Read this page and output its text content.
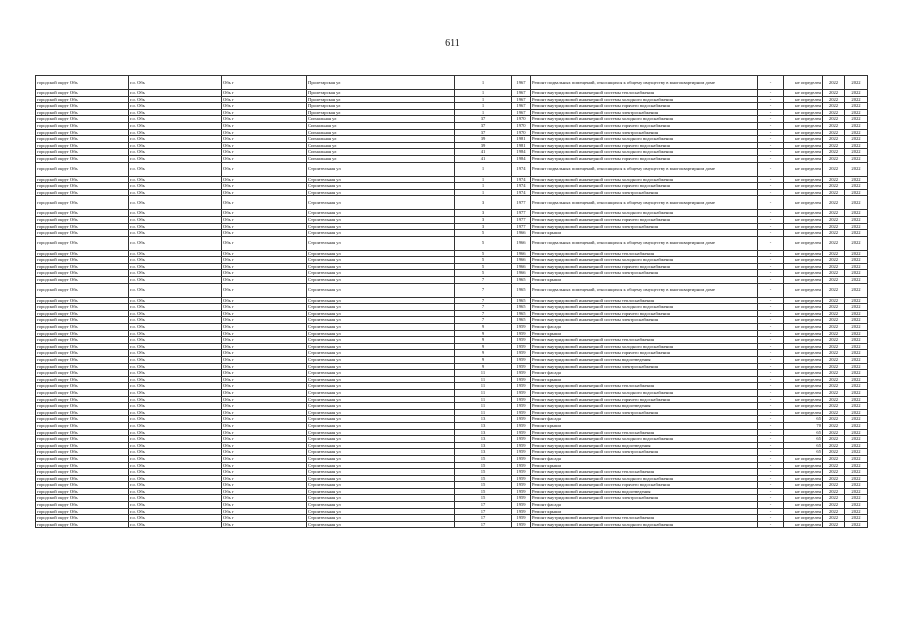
611
городской округ Обь	г.о. Обь	Обь г	Пролетарская ул	1	1967	Ремонт подвальных помещений, относящихся к общему имуществу в многоквартирном доме	-	не определен	2022	2022
городской округ Обь	г.о. Обь	Обь г	Пролетарская ул	1	1967	Ремонт внутридомовой инженерной системы теплоснабжения	-	не определен	2022	2022
городской округ Обь	г.о. Обь	Обь г	Пролетарская ул	1	1967	Ремонт внутридомовой инженерной системы холодного водоснабжения	-	не определен	2022	2022
городской округ Обь	г.о. Обь	Обь г	Пролетарская ул	1	1967	Ремонт внутридомовой инженерной системы горячего водоснабжения	-	не определен	2022	2022
городской округ Обь	г.о. Обь	Обь г	Пролетарская ул	1	1967	Ремонт внутридомовой инженерной системы электроснабжения	-	не определен	2022	2022
городской округ Обь	г.о. Обь	Обь г	Сигнальная ул	37	1970	Ремонт внутридомовой инженерной системы холодного водоснабжения	-	не определен	2022	2022
городской округ Обь	г.о. Обь	Обь г	Сигнальная ул	37	1970	Ремонт внутридомовой инженерной системы горячего водоснабжения	-	не определен	2022	2022
городской округ Обь	г.о. Обь	Обь г	Сигнальная ул	37	1970	Ремонт внутридомовой инженерной системы электроснабжения	-	не определен	2022	2022
городской округ Обь	г.о. Обь	Обь г	Сигнальная ул	39	1981	Ремонт внутридомовой инженерной системы холодного водоснабжения	-	не определен	2022	2022
городской округ Обь	г.о. Обь	Обь г	Сигнальная ул	39	1981	Ремонт внутридомовой инженерной системы горячего водоснабжения	-	не определен	2022	2022
городской округ Обь	г.о. Обь	Обь г	Сигнальная ул	41	1984	Ремонт внутридомовой инженерной системы холодного водоснабжения	-	не определен	2022	2022
городской округ Обь	г.о. Обь	Обь г	Сигнальная ул	41	1984	Ремонт внутридомовой инженерной системы горячего водоснабжения	-	не определен	2022	2022
городской округ Обь	г.о. Обь	Обь г	Строительная ул	1	1974	Ремонт подвальных помещений, относящихся к общему имуществу в многоквартирном доме	-	не определен	2022	2022
городской округ Обь	г.о. Обь	Обь г	Строительная ул	1	1974	Ремонт внутридомовой инженерной системы холодного водоснабжения	-	не определен	2022	2022
городской округ Обь	г.о. Обь	Обь г	Строительная ул	1	1974	Ремонт внутридомовой инженерной системы горячего водоснабжения	-	не определен	2022	2022
городской округ Обь	г.о. Обь	Обь г	Строительная ул	1	1974	Ремонт внутридомовой инженерной системы электроснабжения	-	не определен	2022	2022
городской округ Обь	г.о. Обь	Обь г	Строительная ул	3	1977	Ремонт подвальных помещений, относящихся к общему имуществу в многоквартирном доме	-	не определен	2022	2022
городской округ Обь	г.о. Обь	Обь г	Строительная ул	3	1977	Ремонт внутридомовой инженерной системы холодного водоснабжения	-	не определен	2022	2022
городской округ Обь	г.о. Обь	Обь г	Строительная ул	3	1977	Ремонт внутридомовой инженерной системы горячего водоснабжения	-	не определен	2022	2022
городской округ Обь	г.о. Обь	Обь г	Строительная ул	3	1977	Ремонт внутридомовой инженерной системы электроснабжения	-	не определен	2022	2022
городской округ Обь	г.о. Обь	Обь г	Строительная ул	5	1966	Ремонт крыши	-	не определен	2022	2022
городской округ Обь	г.о. Обь	Обь г	Строительная ул	5	1966	Ремонт подвальных помещений, относящихся к общему имуществу в многоквартирном доме	-	не определен	2022	2022
городской округ Обь	г.о. Обь	Обь г	Строительная ул	5	1966	Ремонт внутридомовой инженерной системы теплоснабжения	-	не определен	2022	2022
городской округ Обь	г.о. Обь	Обь г	Строительная ул	5	1966	Ремонт внутридомовой инженерной системы холодного водоснабжения	-	не определен	2022	2022
городской округ Обь	г.о. Обь	Обь г	Строительная ул	5	1966	Ремонт внутридомовой инженерной системы горячего водоснабжения	-	не определен	2022	2022
городской округ Обь	г.о. Обь	Обь г	Строительная ул	5	1966	Ремонт внутридомовой инженерной системы электроснабжения	-	не определен	2022	2022
городской округ Обь	г.о. Обь	Обь г	Строительная ул	7	1965	Ремонт крыши	-	не определен	2022	2022
городской округ Обь	г.о. Обь	Обь г	Строительная ул	7	1965	Ремонт подвальных помещений, относящихся к общему имуществу в многоквартирном доме	-	не определен	2022	2022
городской округ Обь	г.о. Обь	Обь г	Строительная ул	7	1965	Ремонт внутридомовой инженерной системы теплоснабжения	-	не определен	2022	2022
городской округ Обь	г.о. Обь	Обь г	Строительная ул	7	1965	Ремонт внутридомовой инженерной системы холодного водоснабжения	-	не определен	2022	2022
городской округ Обь	г.о. Обь	Обь г	Строительная ул	7	1965	Ремонт внутридомовой инженерной системы горячего водоснабжения	-	не определен	2022	2022
городской округ Обь	г.о. Обь	Обь г	Строительная ул	7	1965	Ремонт внутридомовой инженерной системы электроснабжения	-	не определен	2022	2022
городской округ Обь	г.о. Обь	Обь г	Строительная ул	9	1959	Ремонт фасада	-	не определен	2022	2022
городской округ Обь	г.о. Обь	Обь г	Строительная ул	9	1959	Ремонт крыши	-	не определен	2022	2022
городской округ Обь	г.о. Обь	Обь г	Строительная ул	9	1959	Ремонт внутридомовой инженерной системы теплоснабжения	-	не определен	2022	2022
городской округ Обь	г.о. Обь	Обь г	Строительная ул	9	1959	Ремонт внутридомовой инженерной системы холодного водоснабжения	-	не определен	2022	2022
городской округ Обь	г.о. Обь	Обь г	Строительная ул	9	1959	Ремонт внутридомовой инженерной системы горячего водоснабжения	-	не определен	2022	2022
городской округ Обь	г.о. Обь	Обь г	Строительная ул	9	1959	Ремонт внутридомовой инженерной системы водоотведения	-	не определен	2022	2022
городской округ Обь	г.о. Обь	Обь г	Строительная ул	9	1959	Ремонт внутридомовой инженерной системы электроснабжения	-	не определен	2022	2022
городской округ Обь	г.о. Обь	Обь г	Строительная ул	11	1959	Ремонт фасада	-	не определен	2022	2022
городской округ Обь	г.о. Обь	Обь г	Строительная ул	11	1959	Ремонт крыши	-	не определен	2022	2022
городской округ Обь	г.о. Обь	Обь г	Строительная ул	11	1959	Ремонт внутридомовой инженерной системы теплоснабжения	-	не определен	2022	2022
городской округ Обь	г.о. Обь	Обь г	Строительная ул	11	1959	Ремонт внутридомовой инженерной системы холодного водоснабжения	-	не определен	2022	2022
городской округ Обь	г.о. Обь	Обь г	Строительная ул	11	1959	Ремонт внутридомовой инженерной системы горячего водоснабжения	-	не определен	2022	2022
городской округ Обь	г.о. Обь	Обь г	Строительная ул	11	1959	Ремонт внутридомовой инженерной системы водоотведения	-	не определен	2022	2022
городской округ Обь	г.о. Обь	Обь г	Строительная ул	11	1959	Ремонт внутридомовой инженерной системы электроснабжения	-	не определен	2022	2022
городской округ Обь	г.о. Обь	Обь г	Строительная ул	13	1959	Ремонт фасада	-	65	2022	2022
городской округ Обь	г.о. Обь	Обь г	Строительная ул	13	1959	Ремонт крыши	-	70	2022	2022
городской округ Обь	г.о. Обь	Обь г	Строительная ул	13	1959	Ремонт внутридомовой инженерной системы теплоснабжения	-	65	2022	2022
городской округ Обь	г.о. Обь	Обь г	Строительная ул	13	1959	Ремонт внутридомовой инженерной системы холодного водоснабжения	-	65	2022	2022
городской округ Обь	г.о. Обь	Обь г	Строительная ул	13	1959	Ремонт внутридомовой инженерной системы водоотведения	-	65	2022	2022
городской округ Обь	г.о. Обь	Обь г	Строительная ул	13	1959	Ремонт внутридомовой инженерной системы электроснабжения	-	65	2022	2022
городской округ Обь	г.о. Обь	Обь г	Строительная ул	15	1959	Ремонт фасада	-	не определен	2022	2022
городской округ Обь	г.о. Обь	Обь г	Строительная ул	15	1959	Ремонт крыши	-	не определен	2022	2022
городской округ Обь	г.о. Обь	Обь г	Строительная ул	15	1959	Ремонт внутридомовой инженерной системы теплоснабжения	-	не определен	2022	2022
городской округ Обь	г.о. Обь	Обь г	Строительная ул	15	1959	Ремонт внутридомовой инженерной системы холодного водоснабжения	-	не определен	2022	2022
городской округ Обь	г.о. Обь	Обь г	Строительная ул	15	1959	Ремонт внутридомовой инженерной системы горячего водоснабжения	-	не определен	2022	2022
городской округ Обь	г.о. Обь	Обь г	Строительная ул	15	1959	Ремонт внутридомовой инженерной системы водоотведения	-	не определен	2022	2022
городской округ Обь	г.о. Обь	Обь г	Строительная ул	15	1959	Ремонт внутридомовой инженерной системы электроснабжения	-	не определен	2022	2022
городской округ Обь	г.о. Обь	Обь г	Строительная ул	17	1959	Ремонт фасада	-	не определен	2022	2022
городской округ Обь	г.о. Обь	Обь г	Строительная ул	17	1959	Ремонт крыши	-	не определен	2022	2022
городской округ Обь	г.о. Обь	Обь г	Строительная ул	17	1959	Ремонт внутридомовой инженерной системы теплоснабжения	-	не определен	2022	2022
городской округ Обь	г.о. Обь	Обь г	Строительная ул	17	1959	Ремонт внутридомовой инженерной системы холодного водоснабжения	-	не определен	2022	2022
